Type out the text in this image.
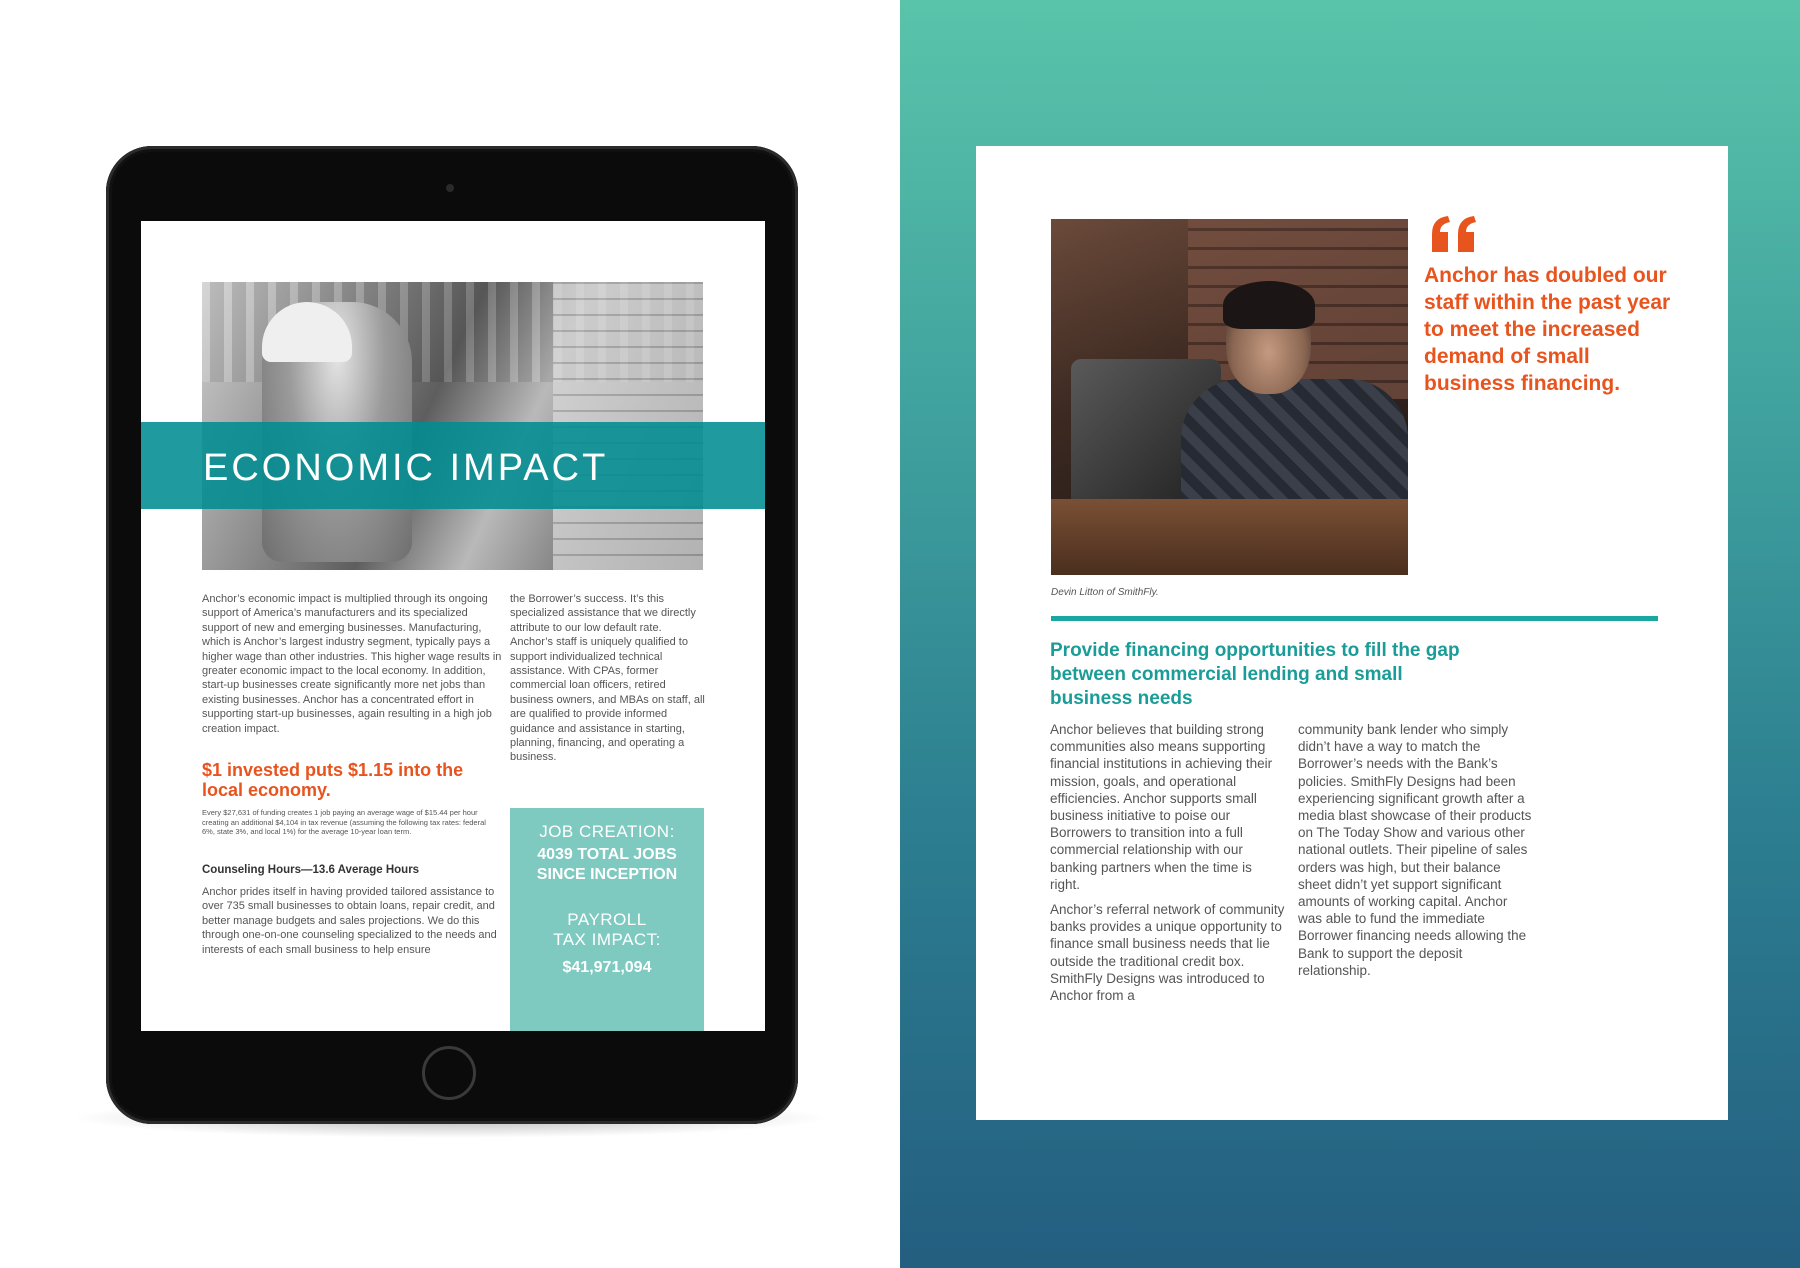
ECONOMIC IMPACT

Anchor’s economic impact is multiplied through its ongoing support of America’s manufacturers and its specialized support of new and emerging businesses. Manufacturing, which is Anchor’s largest industry segment, typically pays a higher wage than other industries. This higher wage results in greater economic impact to the local economy. In addition, start-up businesses create significantly more net jobs than existing businesses. Anchor has a concentrated effort in supporting start-up businesses, again resulting in a high job creation impact.

the Borrower’s success. It’s this specialized assistance that we directly attribute to our low default rate. Anchor’s staff is uniquely qualified to support individualized technical assistance. With CPAs, former commercial loan officers, retired business owners, and MBAs on staff, all are qualified to provide informed guidance and assistance in starting, planning, financing, and operating a business.

$1 invested puts $1.15 into the local economy.
Every $27,631 of funding creates 1 job paying an average wage of $15.44 per hour creating an additional $4,104 in tax revenue (assuming the following tax rates: federal 6%, state 3%, and local 1%) for the average 10-year loan term.
Counseling Hours—13.6 Average Hours

Anchor prides itself in having provided tailored assistance to over 735 small businesses to obtain loans, repair credit, and better manage budgets and sales projections. We do this through one-on-one counseling specialized to the needs and interests of each small business to help ensure

JOB CREATION:
4039 TOTAL JOBS SINCE INCEPTION
PAYROLL TAX IMPACT:
$41,971,094
Devin Litton of SmithFly.
Anchor has doubled our staff within the past year to meet the increased demand of small business financing.
Provide financing opportunities to fill the gap between commercial lending and small business needs

Anchor believes that building strong communities also means supporting financial institutions in achieving their mission, goals, and operational efficiencies. Anchor supports small business initiative to poise our Borrowers to transition into a full commercial relationship with our banking partners when the time is right.

Anchor’s referral network of community banks provides a unique opportunity to finance small business needs that lie outside the traditional credit box. SmithFly Designs was introduced to Anchor from a

community bank lender who simply didn’t have a way to match the Borrower’s needs with the Bank’s policies. SmithFly Designs had been experiencing significant growth after a media blast showcase of their products on The Today Show and various other national outlets. Their pipeline of sales orders was high, but their balance sheet didn’t yet support significant amounts of working capital. Anchor was able to fund the immediate Borrower financing needs allowing the Bank to support the deposit relationship.
